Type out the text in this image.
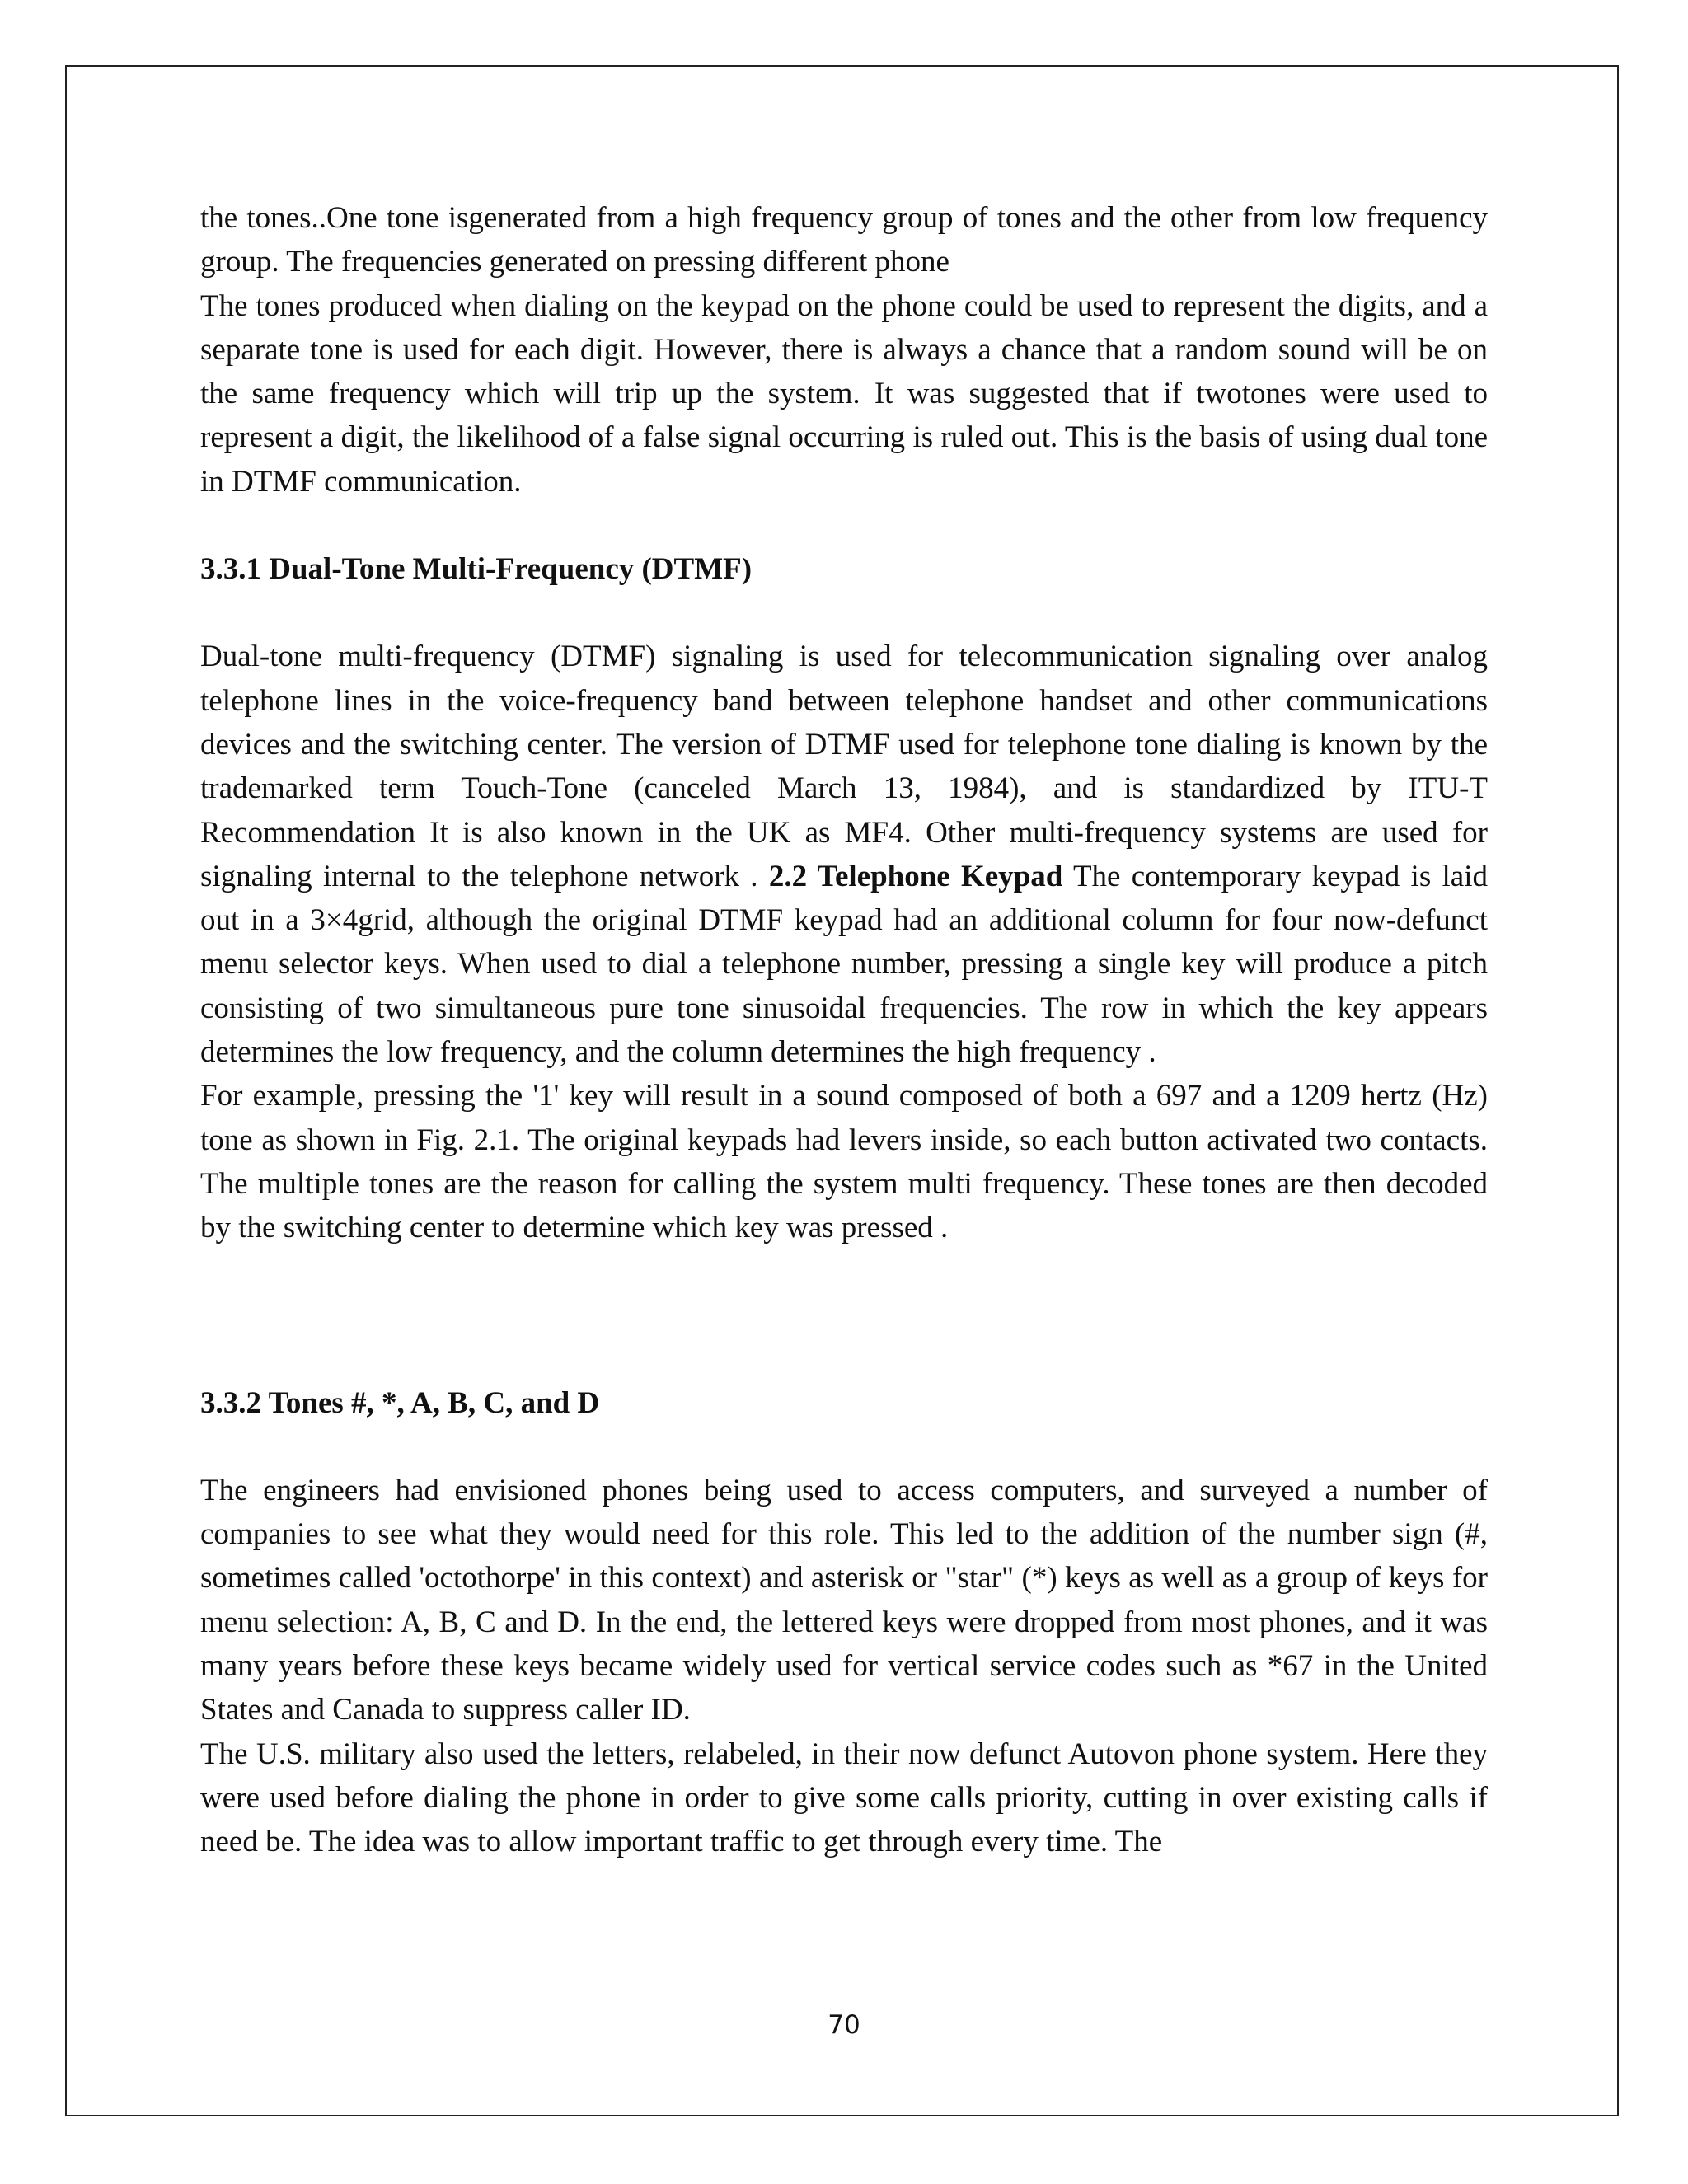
the tones..One tone isgenerated from a high frequency group of tones and the other from low frequency group. The frequencies generated on pressing different phone

The tones produced when dialing on the keypad on the phone could be used to represent the digits, and a separate tone is used for each digit. However, there is always a chance that a random sound will be on the same frequency which will trip up the system. It was suggested that if twotones were used to represent a digit, the likelihood of a false signal occurring is ruled out. This is the basis of using dual tone in DTMF communication.

3.3.1 Dual-Tone Multi-Frequency (DTMF)

Dual-tone multi-frequency (DTMF) signaling is used for telecommunication signaling over analog telephone lines in the voice-frequency band between telephone handset and other communications devices and the switching center. The version of DTMF used for telephone tone dialing is known by the trademarked term Touch-Tone (canceled March 13, 1984), and is standardized by ITU-T Recommendation It is also known in the UK as MF4. Other multi-frequency systems are used for signaling internal to the telephone network . 2.2 Telephone Keypad The contemporary keypad is laid out in a 3×4grid, although the original DTMF keypad had an additional column for four now-defunct menu selector keys. When used to dial a telephone number, pressing a single key will produce a pitch consisting of two simultaneous pure tone sinusoidal frequencies. The row in which the key appears determines the low frequency, and the column determines the high frequency .

For example, pressing the '1' key will result in a sound composed of both a 697 and a 1209 hertz (Hz) tone as shown in Fig. 2.1. The original keypads had levers inside, so each button activated two contacts. The multiple tones are the reason for calling the system multi frequency. These tones are then decoded by the switching center to determine which key was pressed .

3.3.2 Tones #, *, A, B, C, and D

The engineers had envisioned phones being used to access computers, and surveyed a number of companies to see what they would need for this role. This led to the addition of the number sign (#, sometimes called 'octothorpe' in this context) and asterisk or "star" (*) keys as well as a group of keys for menu selection: A, B, C and D. In the end, the lettered keys were dropped from most phones, and it was many years before these keys became widely used for vertical service codes such as *67 in the United States and Canada to suppress caller ID.

The U.S. military also used the letters, relabeled, in their now defunct Autovon phone system. Here they were used before dialing the phone in order to give some calls priority, cutting in over existing calls if need be. The idea was to allow important traffic to get through every time. The

70
